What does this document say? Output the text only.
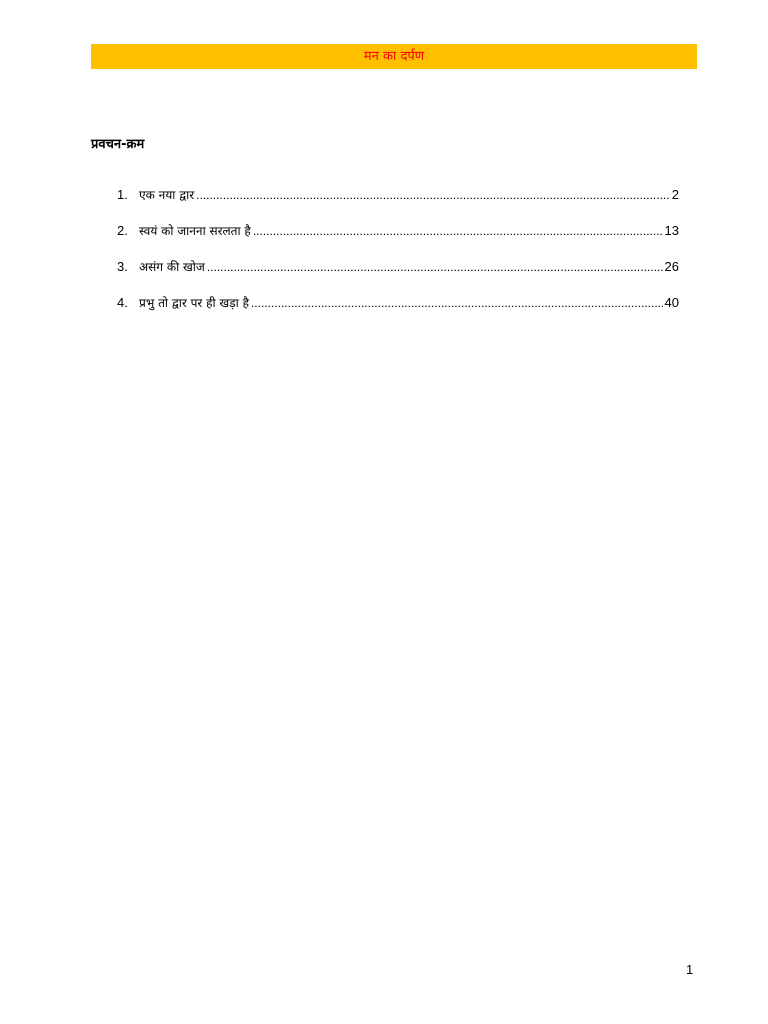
मन का दर्पण
प्रवचन-क्रम
1. एक नया द्वार .....	2
2. स्वयं को जानना सरलता है .....	13
3. असंग की खोज .....	26
4. प्रभु तो द्वार पर ही खड़ा है .....	40
1
